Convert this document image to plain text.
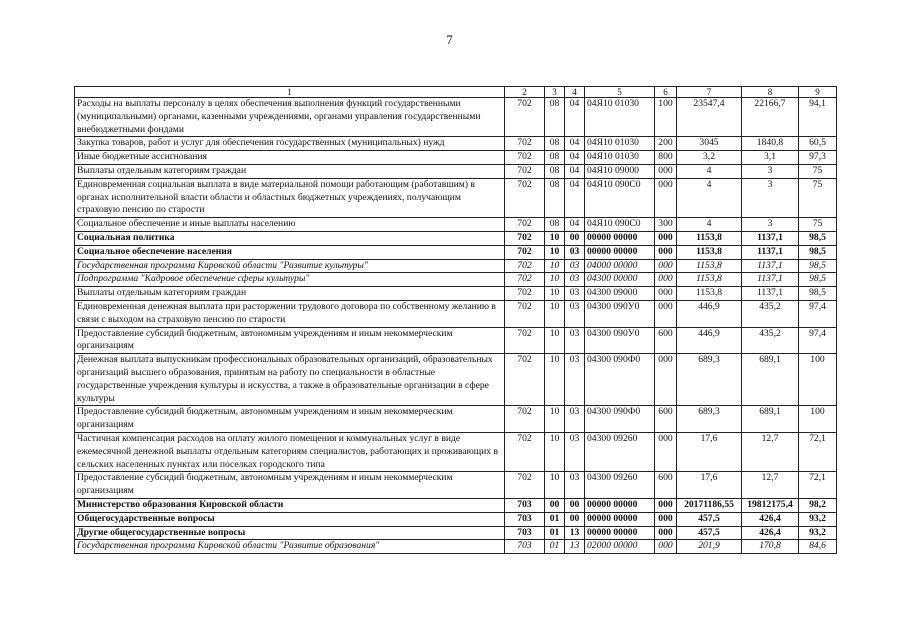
7
1	2	3	4	5	6	7	8	9
Расходы на выплаты персоналу в целях обеспечения выполнения функций государственными (муниципальными) органами, казенными учреждениями, органами управления государственными внебюджетными фондами	702	08	04	04Я10 01030	100	23547,4	22166,7	94,1
Закупка товаров, работ и услуг для обеспечения государственных (муниципальных) нужд	702	08	04	04Я10 01030	200	3045	1840,8	60,5
Иные бюджетные ассигнования	702	08	04	04Я10 01030	800	3,2	3,1	97,3
Выплаты отдельным категориям граждан	702	08	04	04Я10 09000	000	4	3	75
Единовременная социальная выплата в виде материальной помощи работающим (работавшим) в органах исполнительной власти области и областных бюджетных учреждениях, получающим страховую пенсию по старости	702	08	04	04Я10 090С0	000	4	3	75
Социальное обеспечение и иные выплаты населению	702	08	04	04Я10 090С0	300	4	3	75
Социальная политика	702	10	00	00000 00000	000	1153,8	1137,1	98,5
Социальное обеспечение населения	702	10	03	00000 00000	000	1153,8	1137,1	98,5
Государственная программа Кировской области "Развитие культуры"	702	10	03	04000 00000	000	1153,8	1137,1	98,5
Подпрограмма "Кадровое обеспечение сферы культуры"	702	10	03	04300 00000	000	1153,8	1137,1	98,5
Выплаты отдельным категориям граждан	702	10	03	04300 09000	000	1153,8	1137,1	98,5
Единовременная денежная выплата при расторжении трудового договора по собственному желанию в связи с выходом на страховую пенсию по старости	702	10	03	04300 090У0	000	446,9	435,2	97,4
Предоставление субсидий бюджетным, автономным учреждениям и иным некоммерческим организациям	702	10	03	04300 090У0	600	446,9	435,2	97,4
Денежная выплата выпускникам профессиональных образовательных организаций, образовательных организаций высшего образования, принятым на работу по специальности в областные государственные учреждения культуры и искусства, а также в образовательные организации в сфере культуры	702	10	03	04300 090Ф0	000	689,3	689,1	100
Предоставление субсидий бюджетным, автономным учреждениям и иным некоммерческим организациям	702	10	03	04300 090Ф0	600	689,3	689,1	100
Частичная компенсация расходов на оплату жилого помещения и коммунальных услуг в виде ежемесячной денежной выплаты отдельным категориям специалистов, работающих и проживающих в сельских населенных пунктах или поселках городского типа	702	10	03	04300 09260	000	17,6	12,7	72,1
Предоставление субсидий бюджетным, автономным учреждениям и иным некоммерческим организациям	702	10	03	04300 09260	600	17,6	12,7	72,1
Министерство образования Кировской области	703	00	00	00000 00000	000	20171186,55	19812175,4	98,2
Общегосударственные вопросы	703	01	00	00000 00000	000	457,5	426,4	93,2
Другие общегосударственные вопросы	703	01	13	00000 00000	000	457,5	426,4	93,2
Государственная программа Кировской области "Развитие образования"	703	01	13	02000 00000	000	201,9	170,8	84,6
